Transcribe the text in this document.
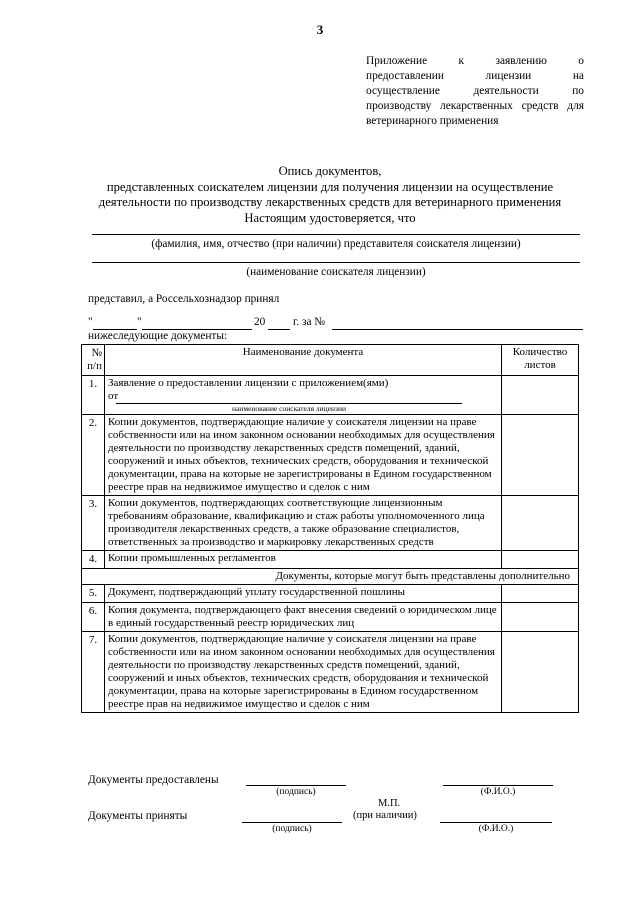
3
Приложение к заявлению о
предоставлении лицензии на
осуществление деятельности по
производству лекарственных средств для
ветеринарного применения
Опись документов,
представленных соискателем лицензии для получения лицензии на осуществление
деятельности по производству лекарственных средств для ветеринарного применения
Настоящим удостоверяется, что
(фамилия, имя, отчество (при наличии) представителя соискателя лицензии)
(наименование соискателя лицензии)
представил, а Россельхознадзор принял
"	"	20 г. за №
нижеследующие документы:
№ п/п	Наименование документа	Количество листов
1.	Заявление о предоставлении лицензии с приложением(ями)
от
наименование соискателя лицензии	

2.	Копии документов, подтверждающие наличие у соискателя лицензии на праве собственности или на ином законном основании необходимых для осуществления деятельности по производству лекарственных средств помещений, зданий, сооружений и иных объектов, технических средств, оборудования и технической документации, права на которые не зарегистрированы в Едином государственном реестре прав на недвижимое имущество и сделок с ним	
3.	Копии документов, подтверждающих соответствующие лицензионным требованиям образование, квалификацию и стаж работы уполномоченного лица производителя лекарственных средств, а также образование специалистов, ответственных за производство и маркировку лекарственных средств	
4.	Копии промышленных регламентов	
Документы, которые могут быть представлены дополнительно		
5.	Документ, подтверждающий уплату государственной пошлины	
6.	Копия документа, подтверждающего факт внесения сведений о юридическом лице в единый государственный реестр юридических лиц	
7.	Копии документов, подтверждающие наличие у соискателя лицензии на праве собственности или на ином законном основании необходимых для осуществления деятельности по производству лекарственных средств помещений, зданий, сооружений и иных объектов, технических средств, оборудования и технической документации, права на которые зарегистрированы в Едином государственном реестре прав на недвижимое имущество и сделок с ним	
Документы предоставлены
(подпись)	(Ф.И.О.)
М.П.
(при наличии)
Документы приняты
(подпись)	(Ф.И.О.)
